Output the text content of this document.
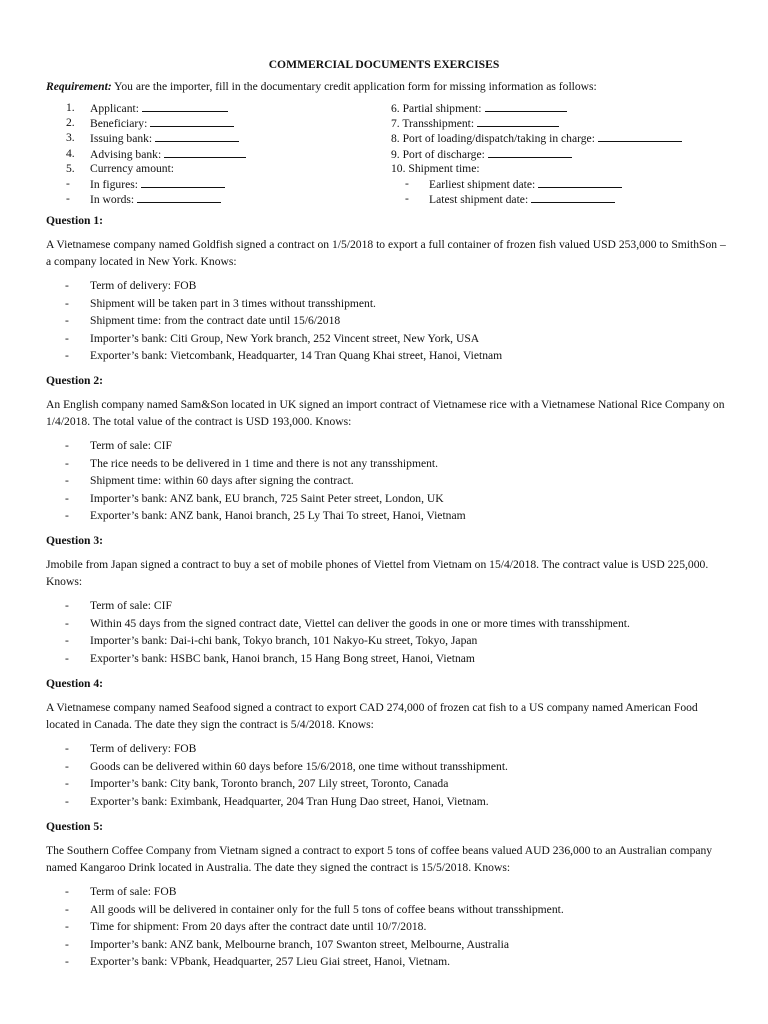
COMMERCIAL DOCUMENTS EXERCISES
Requirement: You are the importer, fill in the documentary credit application form for missing information as follows:
1.	Applicant:
2.	Beneficiary:
3.	Issuing bank:
4.	Advising bank:
5.	Currency amount:
-	In figures:
-	In words:
6. Partial shipment:
7. Transshipment:
8. Port of loading/dispatch/taking in charge:
9. Port of discharge:
10. Shipment time:
-	Earliest shipment date:
-	Latest shipment date:
Question 1:
A Vietnamese company named Goldfish signed a contract on 1/5/2018 to export a full container of frozen fish valued USD 253,000 to SmithSon – a company located in New York. Knows:
- Term of delivery: FOB
- Shipment will be taken part in 3 times without transshipment.
- Shipment time: from the contract date until 15/6/2018
- Importer’s bank: Citi Group, New York branch, 252 Vincent street, New York, USA
- Exporter’s bank: Vietcombank, Headquarter, 14 Tran Quang Khai street, Hanoi, Vietnam
Question 2:
An English company named Sam&Son located in UK signed an import contract of Vietnamese rice with a Vietnamese National Rice Company on 1/4/2018. The total value of the contract is USD 193,000. Knows:
- Term of sale: CIF
- The rice needs to be delivered in 1 time and there is not any transshipment.
- Shipment time: within 60 days after signing the contract.
- Importer’s bank: ANZ bank, EU branch, 725 Saint Peter street, London, UK
- Exporter’s bank: ANZ bank, Hanoi branch, 25 Ly Thai To street, Hanoi, Vietnam
Question 3:
Jmobile from Japan signed a contract to buy a set of mobile phones of Viettel from Vietnam on 15/4/2018. The contract value is USD 225,000. Knows:
- Term of sale: CIF
- Within 45 days from the signed contract date, Viettel can deliver the goods in one or more times with transshipment.
- Importer’s bank: Dai-i-chi bank, Tokyo branch, 101 Nakyo-Ku street, Tokyo, Japan
- Exporter’s bank: HSBC bank, Hanoi branch, 15 Hang Bong street, Hanoi, Vietnam
Question 4:
A Vietnamese company named Seafood signed a contract to export CAD 274,000 of frozen cat fish to a US company named American Food located in Canada. The date they sign the contract is 5/4/2018. Knows:
- Term of delivery: FOB
- Goods can be delivered within 60 days before 15/6/2018, one time without transshipment.
- Importer’s bank: City bank, Toronto branch, 207 Lily street, Toronto, Canada
- Exporter’s bank: Eximbank, Headquarter, 204 Tran Hung Dao street, Hanoi, Vietnam.
Question 5:
The Southern Coffee Company from Vietnam signed a contract to export 5 tons of coffee beans valued AUD 236,000 to an Australian company named Kangaroo Drink located in Australia. The date they signed the contract is 15/5/2018. Knows:
- Term of sale: FOB
- All goods will be delivered in container only for the full 5 tons of coffee beans without transshipment.
- Time for shipment: From 20 days after the contract date until 10/7/2018.
- Importer’s bank: ANZ bank, Melbourne branch, 107 Swanton street, Melbourne, Australia
- Exporter’s bank: VPbank, Headquarter, 257 Lieu Giai street, Hanoi, Vietnam.
